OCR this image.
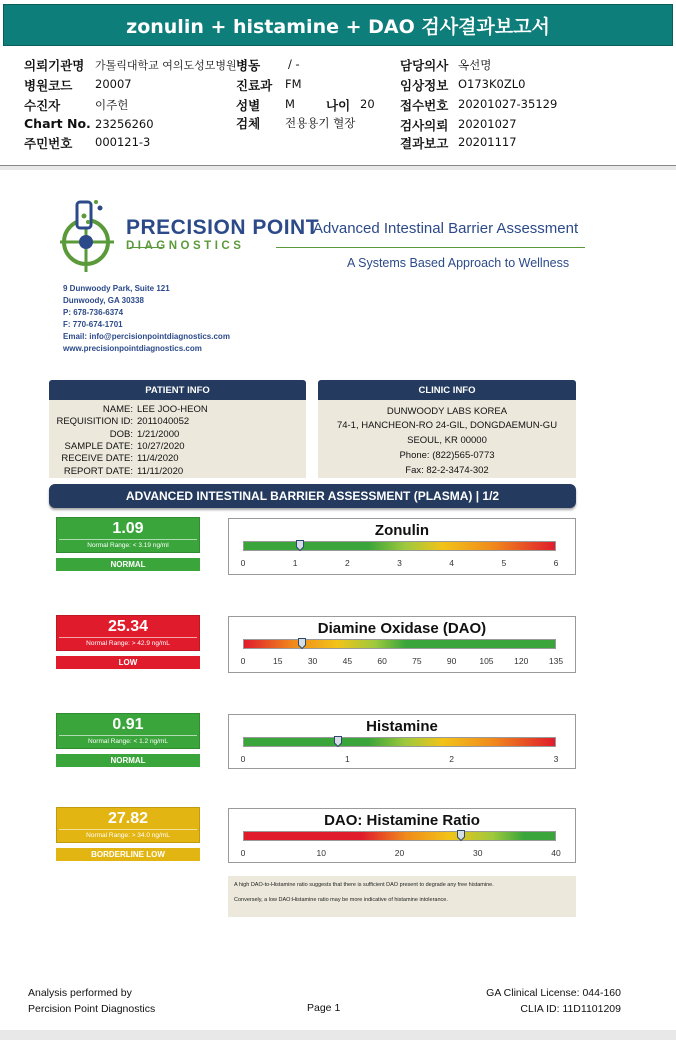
zonulin + histamine + DAO 검사결과보고서
의뢰기관명 가톨릭대학교 여의도성모병원 병동 / -	담당의사 옥선명
병원코드 20007	진료과 FM	임상정보 O173K0ZL0
수진자	이주헌	성별 M 나이 20 접수번호 20201027-35129
Chart No. 23256260	검체 전용용기 혈장	검사의뢰 20201027
주민번호 000121-3	결과보고 20201117
PRECISION POINT
DIAGNOSTICS
Advanced Intestinal Barrier Assessment
A Systems Based Approach to Wellness
9 Dunwoody Park, Suite 121
Dunwoody, GA 30338
P: 678-736-6374
F: 770-674-1701
Email: info@percisionpointdiagnostics.com
www.precisionpointdiagnostics.com
PATIENT INFO
NAME: LEE JOO-HEON
REQUISITION ID: 2011040052
DOB: 1/21/2000
SAMPLE DATE: 10/27/2020
RECEIVE DATE: 11/4/2020
REPORT DATE: 11/11/2020
CLINIC INFO
DUNWOODY LABS KOREA
74-1, HANCHEON-RO 24-GIL, DONGDAEMUN-GU
SEOUL, KR 00000
Phone: (822)565-0773
Fax: 82-2-3474-302
ADVANCED INTESTINAL BARRIER ASSESSMENT (PLASMA) | 1/2
1.09
Normal Range: < 3.19 ng/ml
NORMAL
Zonulin
0	1	2	3	4	5	6
25.34
Normal Range: > 42.9 ng/mL
LOW
Diamine Oxidase (DAO)
0	15	30	45	60	75	90	105 120 135
0.91
Normal Range: < 1.2 ng/mL
NORMAL
Histamine
0	1	2	3
27.82
Normal Range: > 34.0 ng/mL
BORDERLINE LOW
DAO: Histamine Ratio
0	10	20	30	40
A high DAO-to-Histamine ratio suggests that there is sufficient DAO present to degrade any free histamine.
Conversely, a low DAO:Histamine ratio may be more indicative of histamine intolerance.
Analysis performed by
Percision Point Diagnostics	Page 1
GA Clinical License: 044-160
CLIA ID: 11D1101209
